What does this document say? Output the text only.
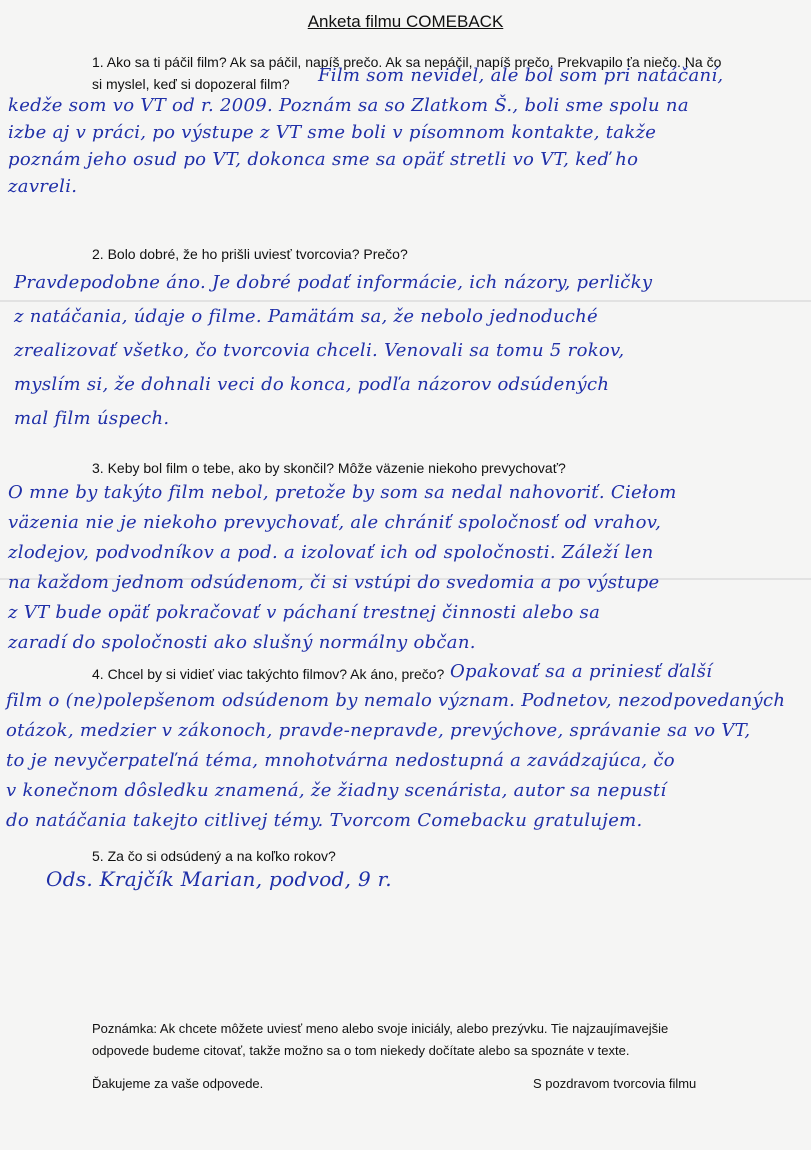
Anketa filmu COMEBACK
1. Ako sa ti páčil film? Ak sa páčil, napíš prečo. Ak sa nepáčil, napíš prečo. Prekvapilo ťa niečo. Na čo
si myslel, keď si dopozeral film? Film som nevidel, ale bol som pri natáčaní,
kedže som vo VT od r. 2009. Poznám sa so Zlatkom Š., boli sme spolu na
izbe aj v práci, po výstupe z VT sme boli v písomnom kontakte, takže
poznám jeho osud po VT, dokonca sme sa opäť stretli vo VT, keď ho
zavreli.
2. Bolo dobré, že ho prišli uviesť tvorcovia? Prečo?
Pravdepodobne áno. Je dobré podať informácie, ich názory, perličky
z natáčania, údaje o filme. Pamätám sa, že nebolo jednoduché
zrealizovať všetko, čo tvorcovia chceli. Venovali sa tomu 5 rokov,
myslím si, že dohnali veci do konca, podľa názorov odsúdených
mal film úspech.
3. Keby bol film o tebe, ako by skončil? Môže väzenie niekoho prevychovať?
O mne by takýto film nebol, pretože by som sa nedal nahovoriť. Ciełom
väzenia nie je niekoho prevychovať, ale chrániť spoločnosť od vrahov,
zlodejov, podvodníkov a pod. a izolovať ich od spoločnosti. Záleží len
na každom jednom odsúdenom, či si vstúpi do svedomia a po výstupe
z VT bude opäť pokračovať v páchaní trestnej činnosti alebo sa
zaradí do spoločnosti ako slušný normálny občan.
4. Chcel by si vidieť viac takýchto filmov? Ak áno, prečo? Opakovať sa a priniesť ďalší
film o (ne)polepšenom odsúdenom by nemalo význam. Podnetov, nezodpovedaných
otázok, medzier v zákonoch, pravde-nepravde, prevýchove, správanie sa vo VT,
to je nevyčerpateľná téma, mnohotvárna nedostupná a zavádzajúca, čo
v konečnom dôsledku znamená, že žiadny scenárista, autor sa nepustí
do natáčania takejto citlivej témy. Tvorcom Comebacku gratulujem.
5. Za čo si odsúdený a na koľko rokov?
Ods. Krajčík Marian, podvod, 9 r.
Poznámka: Ak chcete môžete uviesť meno alebo svoje iniciály, alebo prezývku. Tie najzaujímavejšie
odpovede budeme citovať, takže možno sa o tom niekedy dočítate alebo sa spoznáte v texte.
Ďakujeme za vaše odpovede.	S pozdravom tvorcovia filmu
